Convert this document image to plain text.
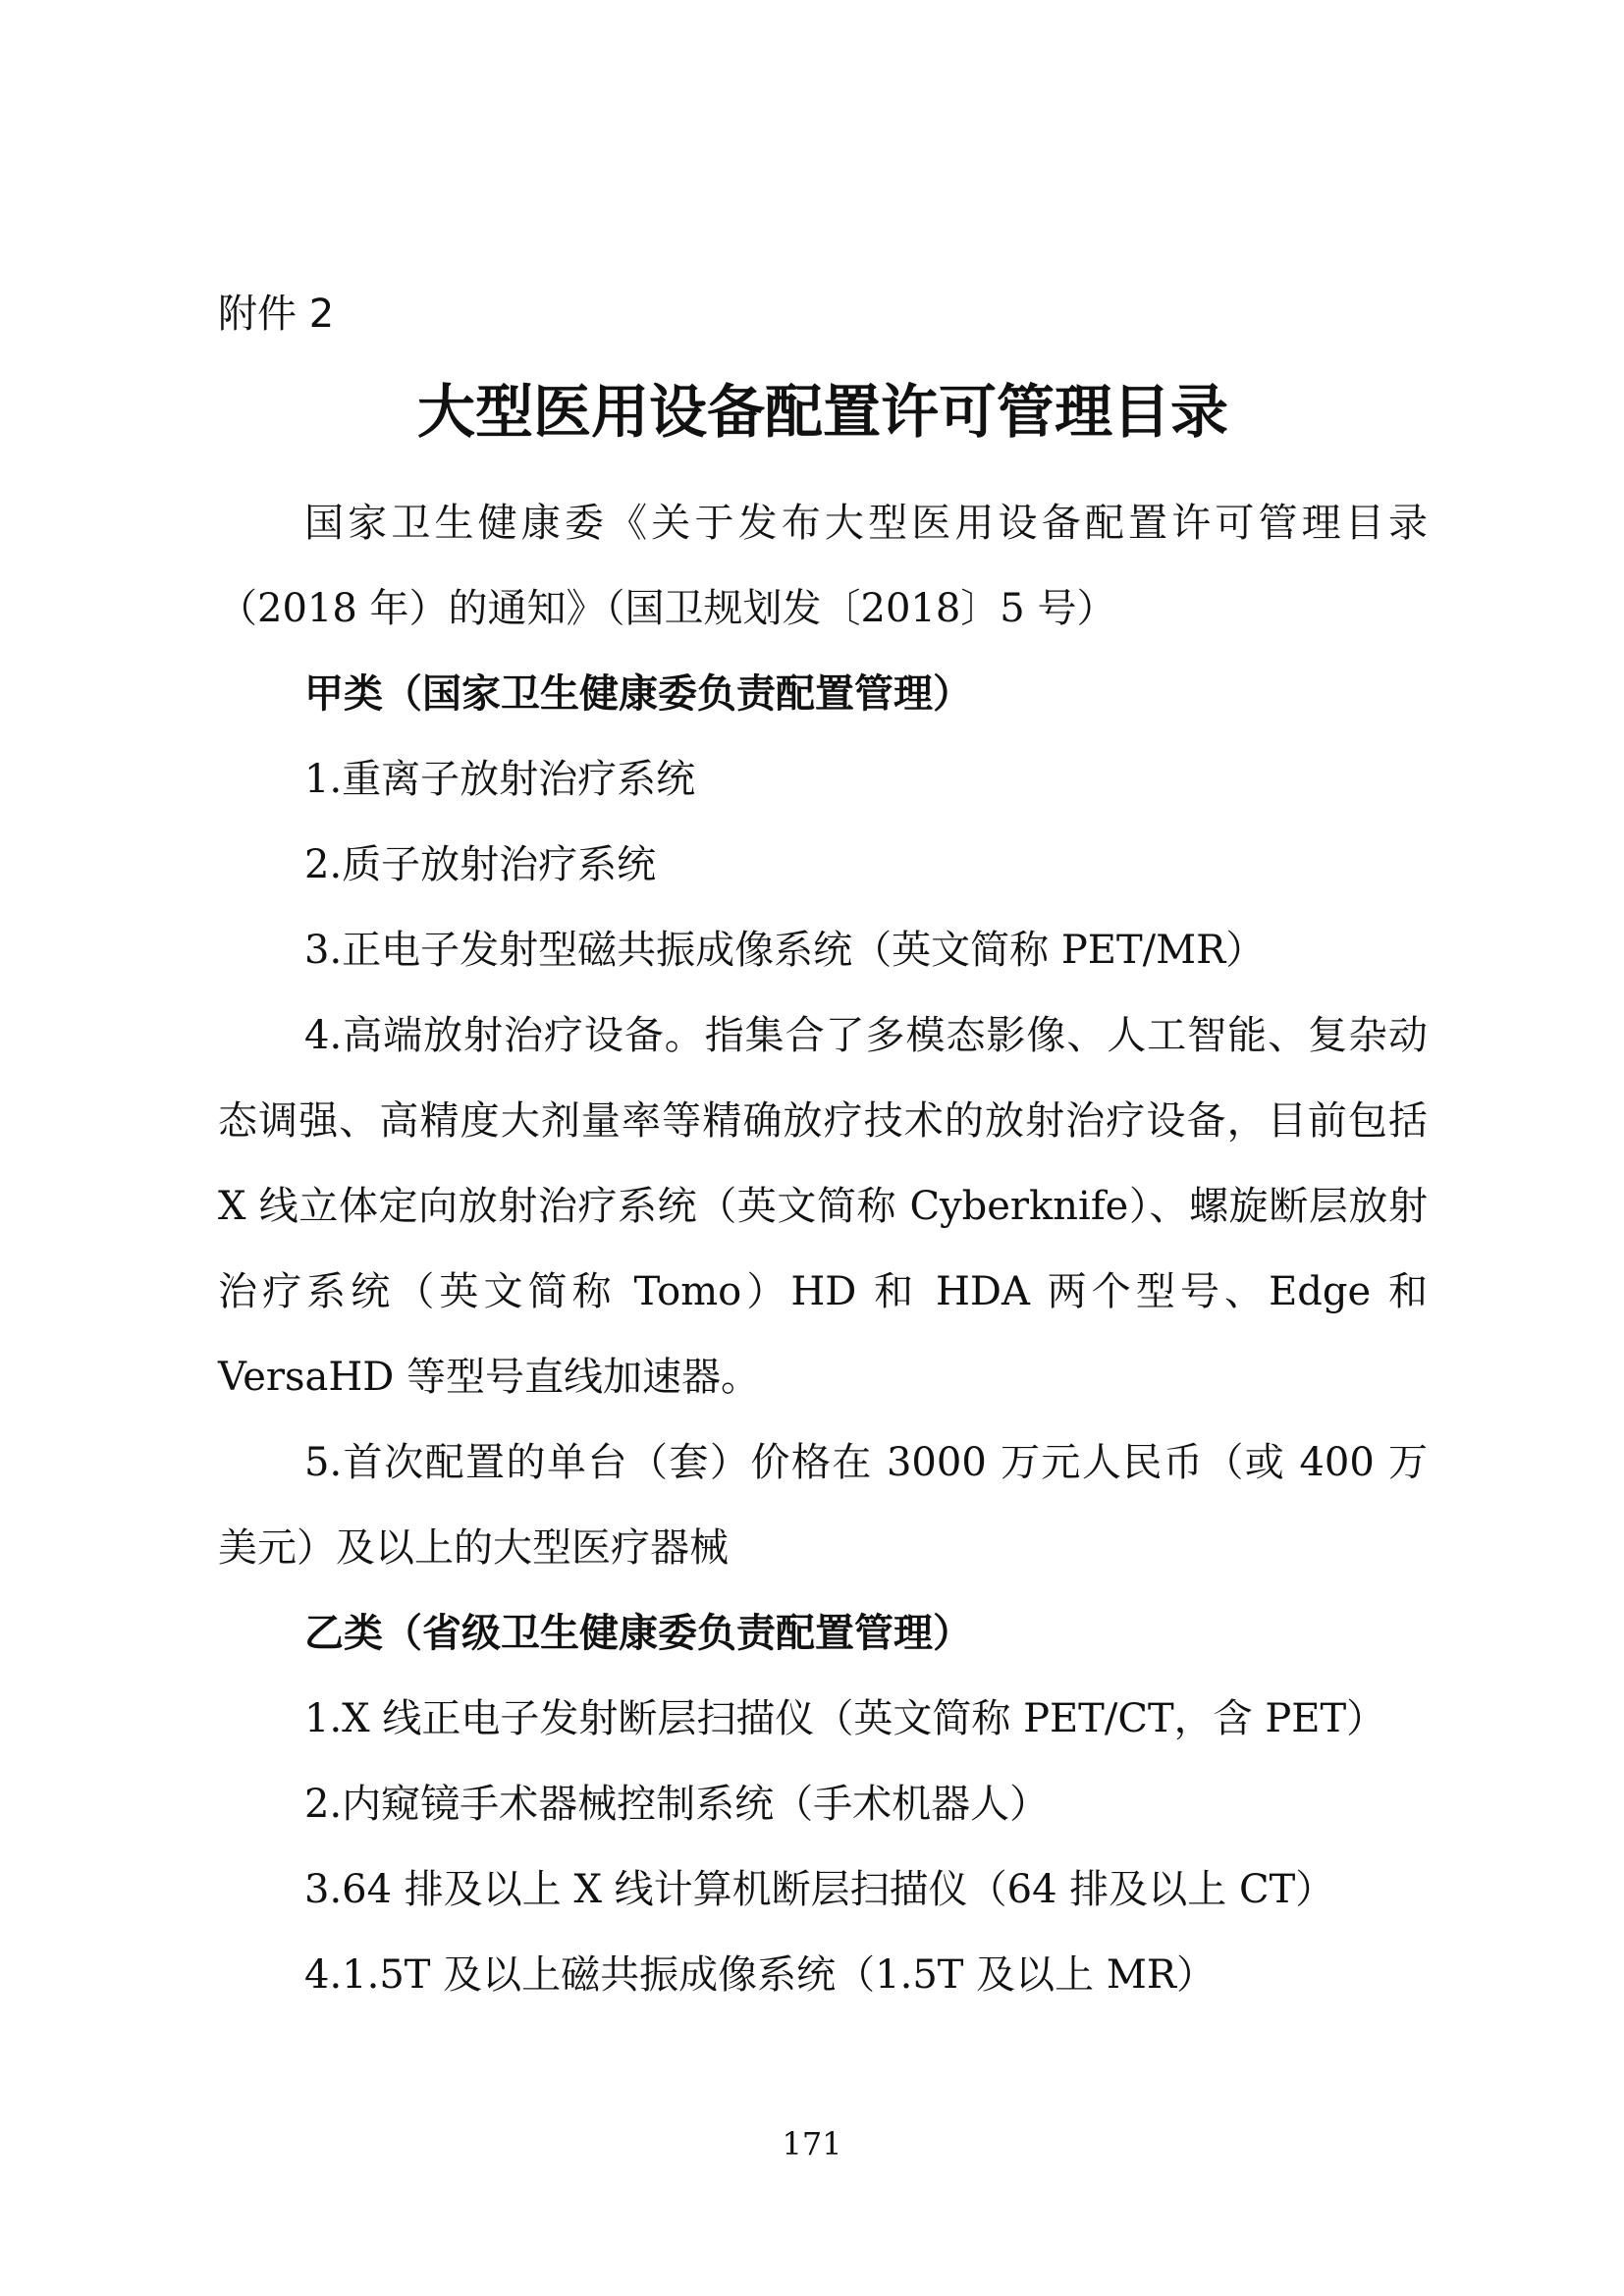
附件 2
大型医用设备配置许可管理目录

国家卫生健康委《关于发布大型医用设备配置许可管理目录（2018 年）的通知》（国卫规划发〔2018〕5 号）

甲类（国家卫生健康委负责配置管理）

1.重离子放射治疗系统

2.质子放射治疗系统

3.正电子发射型磁共振成像系统（英文简称 PET/MR）

4.高端放射治疗设备。指集合了多模态影像、人工智能、复杂动态调强、高精度大剂量率等精确放疗技术的放射治疗设备，目前包括 X 线立体定向放射治疗系统（英文简称 Cyberknife）、螺旋断层放射治疗系统（英文简称 Tomo）HD 和 HDA 两个型号、Edge 和 VersaHD 等型号直线加速器。

5.首次配置的单台（套）价格在 3000 万元人民币（或 400 万美元）及以上的大型医疗器械

乙类（省级卫生健康委负责配置管理）

1.X 线正电子发射断层扫描仪（英文简称 PET/CT，含 PET）

2.内窥镜手术器械控制系统（手术机器人）

3.64 排及以上 X 线计算机断层扫描仪（64 排及以上 CT）

4.1.5T 及以上磁共振成像系统（1.5T 及以上 MR）

171
